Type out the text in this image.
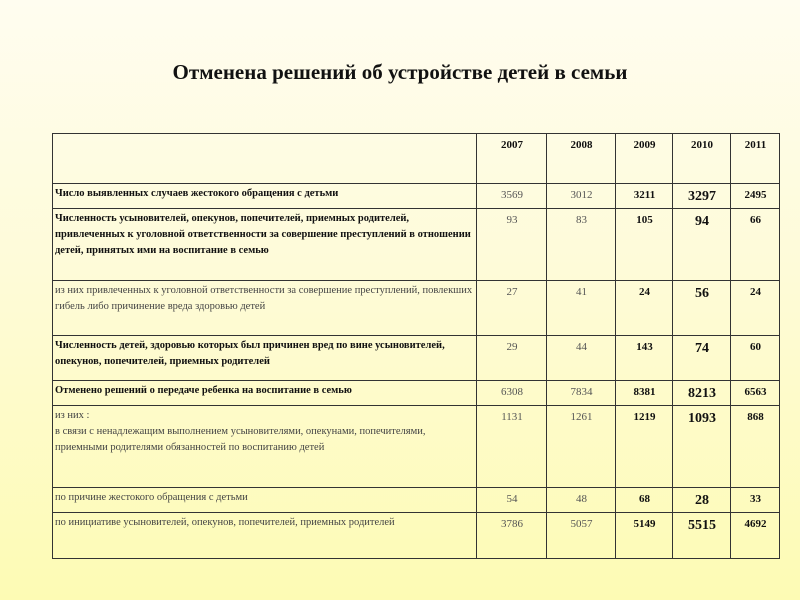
Отменена решений об устройстве детей в семьи
	2007	2008	2009	2010	2011
Число выявленных случаев жестокого обращения с детьми	3569	3012	3211	3297	2495
Численность усыновителей, опекунов, попечителей, приемных родителей, привлеченных к уголовной ответственности за совершение преступлений в отношении детей, принятых ими на воспитание в семью	93	83	105	94	66
из них привлеченных к уголовной ответственности за совершение преступлений, повлекших гибель либо причинение вреда здоровью детей	27	41	24	56	24
Численность детей, здоровью которых был причинен вред по вине усыновителей, опекунов, попечителей, приемных родителей	29	44	143	74	60
Отменено решений о передаче ребенка на воспитание в семью	6308	7834	8381	8213	6563
из них :
в связи с ненадлежащим выполнением усыновителями, опекунами, попечителями, приемными родителями обязанностей по воспитанию детей	1131	1261	1219	1093	868
по причине жестокого обращения с детьми	54	48	68	28	33
по инициативе усыновителей, опекунов, попечителей, приемных родителей	3786	5057	5149	5515	4692
